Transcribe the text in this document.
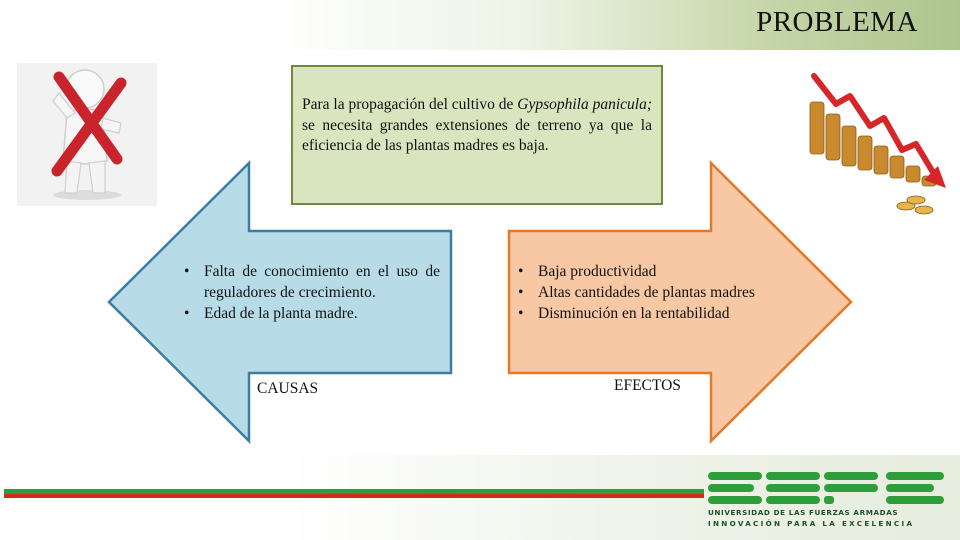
PROBLEMA
Para la propagación del cultivo de Gypsophila panicula; se necesita grandes extensiones de terreno ya que la eficiencia de las plantas madres es baja.
• Falta de conocimiento en el uso de reguladores de crecimiento.
• Edad de la planta madre.
CAUSAS
• Baja productividad
• Altas cantidades de plantas madres
• Disminución en la rentabilidad
EFECTOS
UNIVERSIDAD DE LAS FUERZAS ARMADAS
INNOVACIÓN PARA LA EXCELENCIA
